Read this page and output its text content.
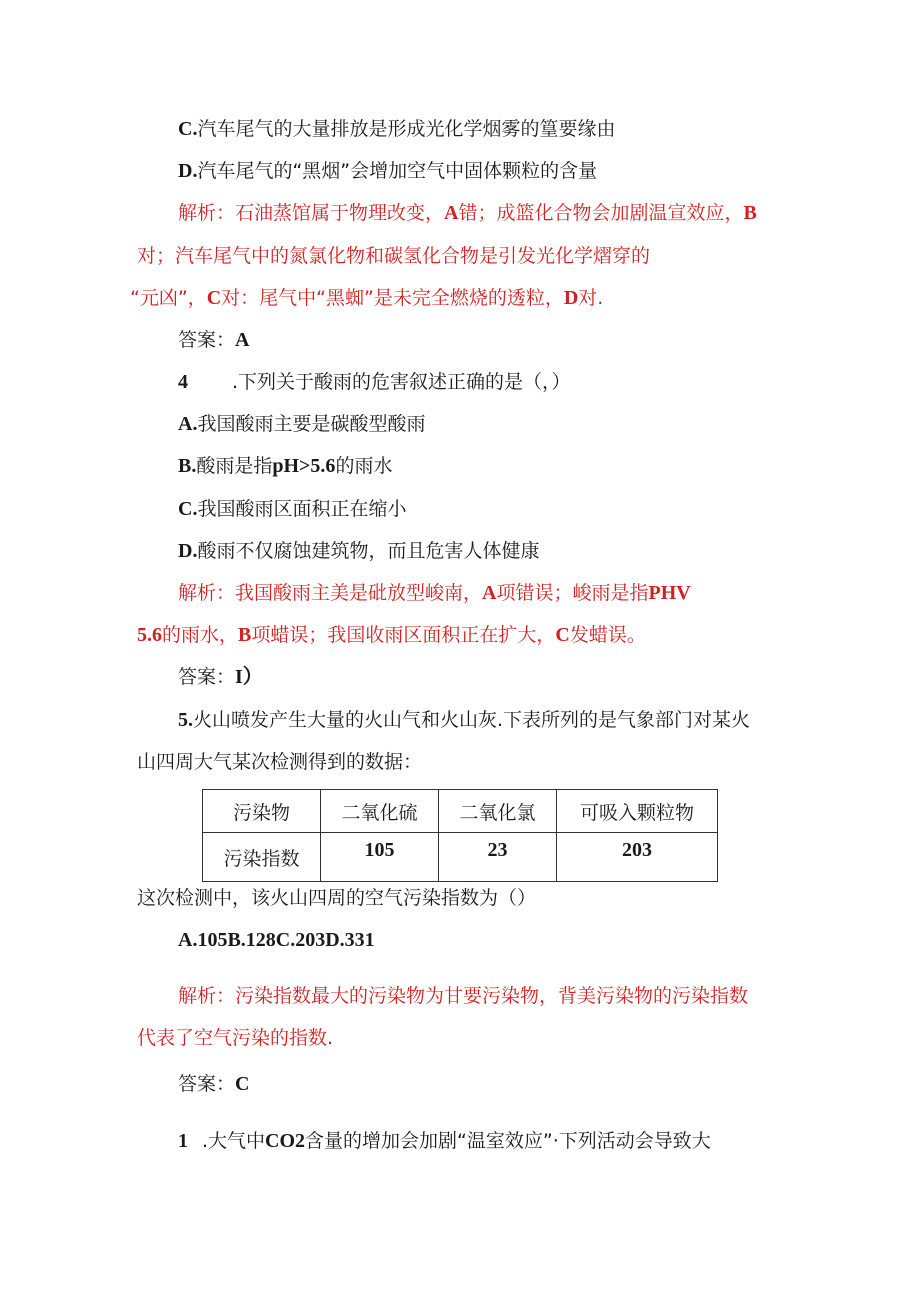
C.汽车尾气的大量排放是形成光化学烟雾的篁要缘由
D.汽车尾气的“黑烟”会增加空气中固体颗粒的含量
解析：石油蒸馆属于物理改变，A错；成篮化合物会加剧温宣效应，B
对；汽车尾气中的氮氯化物和碳氢化合物是引发光化学熠穿的
“元凶”，C对：尾气中“黑蜘”是未完全燃烧的透粒，D对.
答案：A
4 .下列关于酸雨的危害叙述正确的是（，）
A.我国酸雨主要是碳酸型酸雨
B.酸雨是指pH>5.6的雨水
C.我国酸雨区面积正在缩小
D.酸雨不仅腐蚀建筑物，而且危害人体健康
解析：我国酸雨主美是砒放型峻南，A项错误；峻雨是指PHV
5.6的雨水，B项蜡误；我国收雨区面积正在扩大，C发蜡误。
答案：I）
5.火山喷发产生大量的火山气和火山灰.下表所列的是气象部门对某火
山四周大气某次检测得到的数据：
污染物	二氧化硫	二氧化氯	可吸入颗粒物
污染指数	105	23	203
这次检测中，该火山四周的空气污染指数为（）
A.105B.128C.203D.331
解析：污染指数最大的污染物为甘要污染物，背美污染物的污染指数
代表了空气污染的指数.
答案：C
1 .大气中CO2含量的增加会加剧“温室效应”·下列活动会导致大
